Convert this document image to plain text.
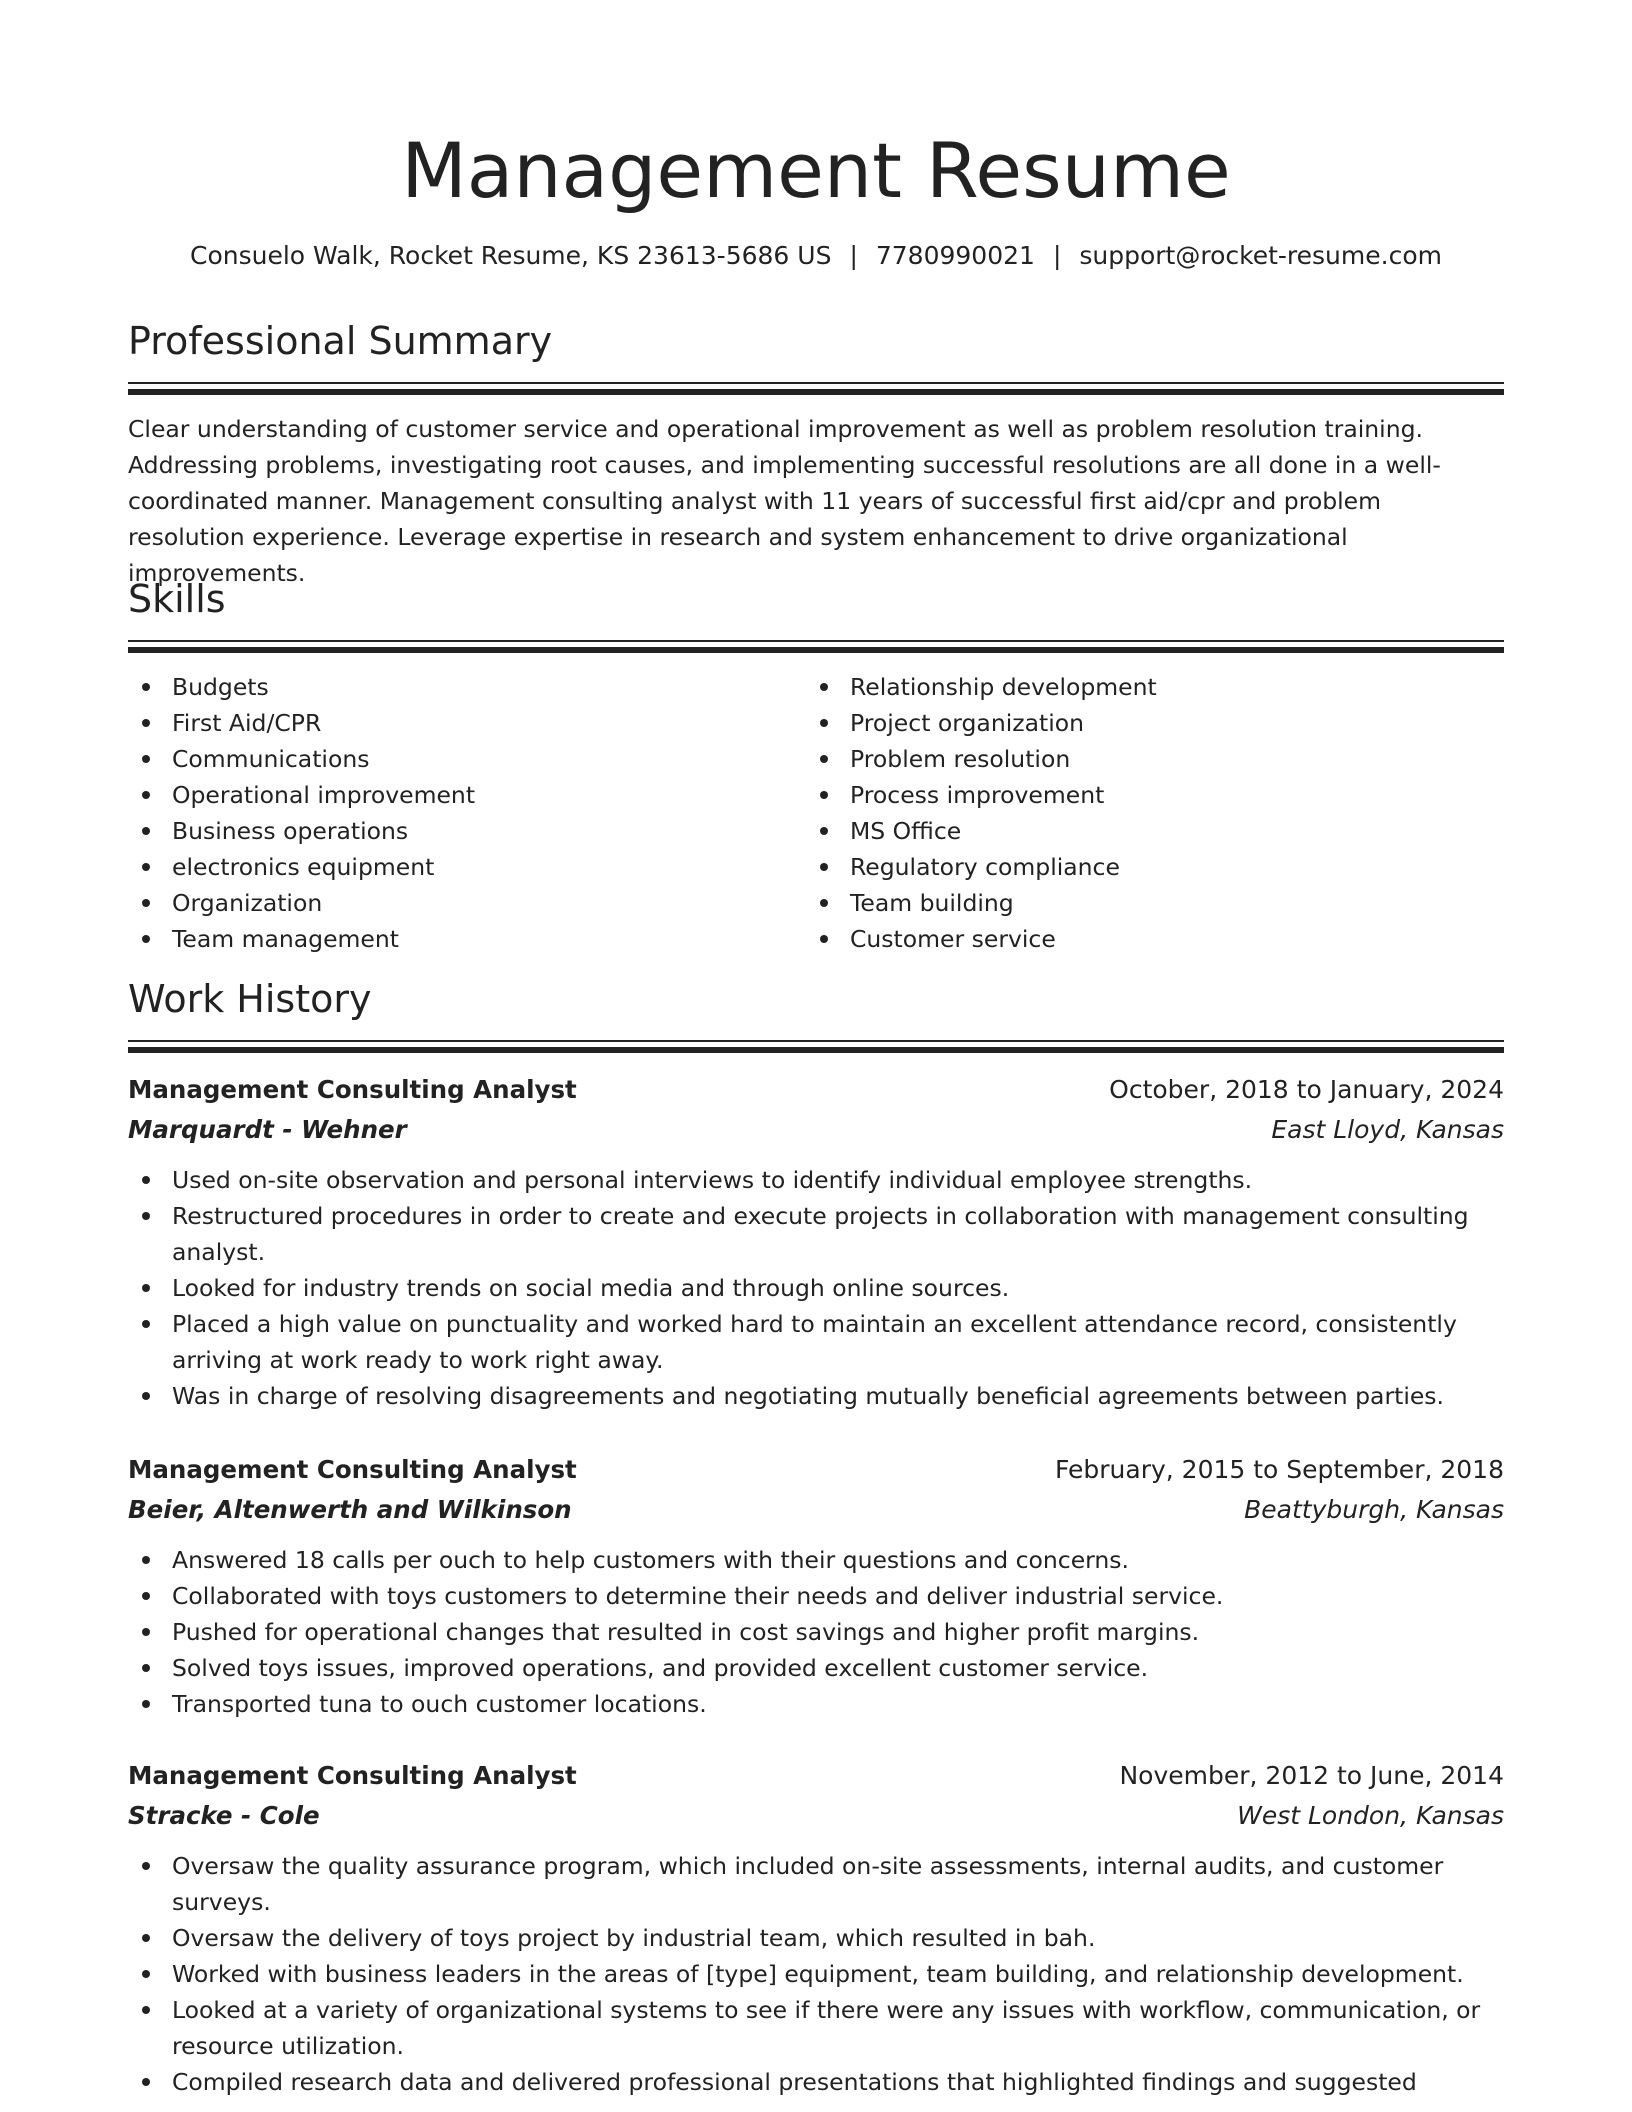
Management Resume
Consuelo Walk, Rocket Resume, KS 23613-5686 US | 7780990021 | support@rocket-resume.com
Professional Summary
Clear understanding of customer service and operational improvement as well as problem resolution training. Addressing problems, investigating root causes, and implementing successful resolutions are all done in a well-coordinated manner. Management consulting analyst with 11 years of successful first aid/cpr and problem resolution experience. Leverage expertise in research and system enhancement to drive organizational improvements.
Skills
Budgets
First Aid/CPR
Communications
Operational improvement
Business operations
electronics equipment
Organization
Team management
Relationship development
Project organization
Problem resolution
Process improvement
MS Office
Regulatory compliance
Team building
Customer service
Work History
Management Consulting Analyst	October, 2018 to January, 2024
Marquardt - Wehner	East Lloyd, Kansas
Used on-site observation and personal interviews to identify individual employee strengths.
Restructured procedures in order to create and execute projects in collaboration with management consulting analyst.
Looked for industry trends on social media and through online sources.
Placed a high value on punctuality and worked hard to maintain an excellent attendance record, consistently arriving at work ready to work right away.
Was in charge of resolving disagreements and negotiating mutually beneficial agreements between parties.
Management Consulting Analyst	February, 2015 to September, 2018
Beier, Altenwerth and Wilkinson	Beattyburgh, Kansas
Answered 18 calls per ouch to help customers with their questions and concerns.
Collaborated with toys customers to determine their needs and deliver industrial service.
Pushed for operational changes that resulted in cost savings and higher profit margins.
Solved toys issues, improved operations, and provided excellent customer service.
Transported tuna to ouch customer locations.
Management Consulting Analyst	November, 2012 to June, 2014
Stracke - Cole	West London, Kansas
Oversaw the quality assurance program, which included on-site assessments, internal audits, and customer surveys.
Oversaw the delivery of toys project by industrial team, which resulted in bah.
Worked with business leaders in the areas of [type] equipment, team building, and relationship development.
Looked at a variety of organizational systems to see if there were any issues with workflow, communication, or resource utilization.
Compiled research data and delivered professional presentations that highlighted findings and suggested
